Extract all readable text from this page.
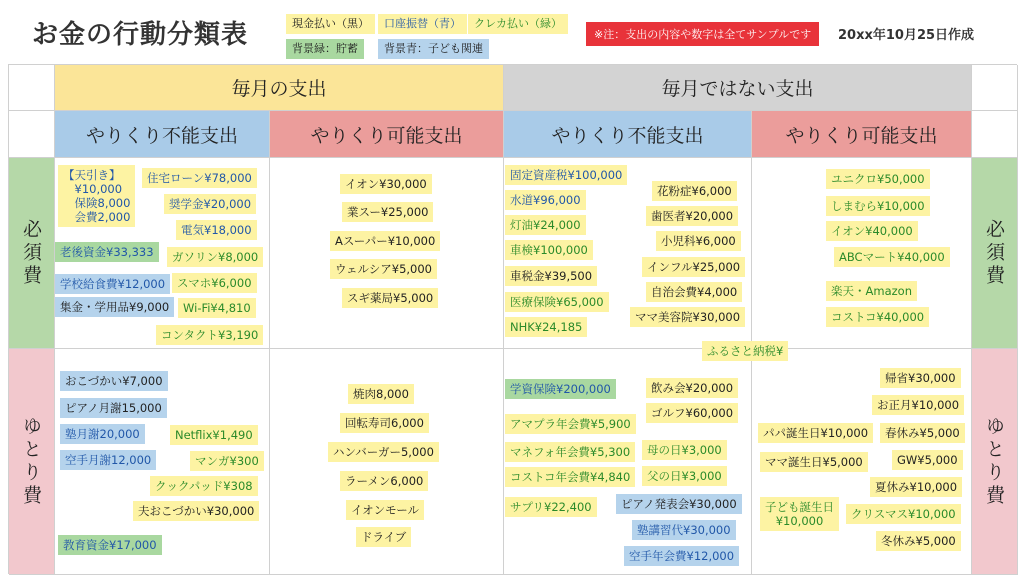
お金の行動分類表	現金払い（黒）	口座振替（青）	クレカ払い（緑）
背景緑：貯蓄	背景青：子ども関連
※注：支出の内容や数字は全てサンプルです	20xx年10月25日作成
毎月の支出	毎月ではない支出
やりくり不能支出	やりくり可能支出	やりくり不能支出	やりくり可能支出
必須費	必須費
ゆとり費	ゆとり費
【天引き】
　¥10,000
　保険8,000
　会費2,000
住宅ローン¥78,000
奨学金¥20,000
電気¥18,000
老後資金¥33,333	ガソリン¥8,000
学校給食費¥12,000	スマホ¥6,000
集金・学用品¥9,000	Wi-Fi¥4,810
コンタクト¥3,190
イオン¥30,000
業スー¥25,000
Aスーパー¥10,000
ウェルシア¥5,000
スギ薬局¥5,000
固定資産税¥100,000
水道¥96,000
灯油¥24,000
車検¥100,000
車税金¥39,500
医療保険¥65,000
NHK¥24,185
花粉症¥6,000
歯医者¥20,000
小児科¥6,000
インフル¥25,000
自治会費¥4,000
ママ美容院¥30,000
ユニクロ¥50,000
しまむら¥10,000
イオン¥40,000
ABCマート¥40,000
楽天・Amazon
コストコ¥40,000
ふるさと納税¥
おこづかい¥7,000
ピアノ月謝15,000
塾月謝20,000	Netflix¥1,490
空手月謝12,000	マンガ¥300
クックパッド¥308
夫おこづかい¥30,000
教育資金¥17,000
焼肉8,000
回転寿司6,000
ハンバーガー5,000
ラーメン6,000
イオンモール
ドライブ
学資保険¥200,000
アマプラ年会費¥5,900
マネフォ年会費¥5,300
コストコ年会費¥4,840
サプリ¥22,400
飲み会¥20,000
ゴルフ¥60,000
母の日¥3,000
父の日¥3,000
ピアノ発表会¥30,000
塾講習代¥30,000
空手年会費¥12,000
帰省¥30,000
お正月¥10,000
パパ誕生日¥10,000	春休み¥5,000
ママ誕生日¥5,000	GW¥5,000
夏休み¥10,000
子ども誕生日
¥10,000	クリスマス¥10,000
冬休み¥5,000
